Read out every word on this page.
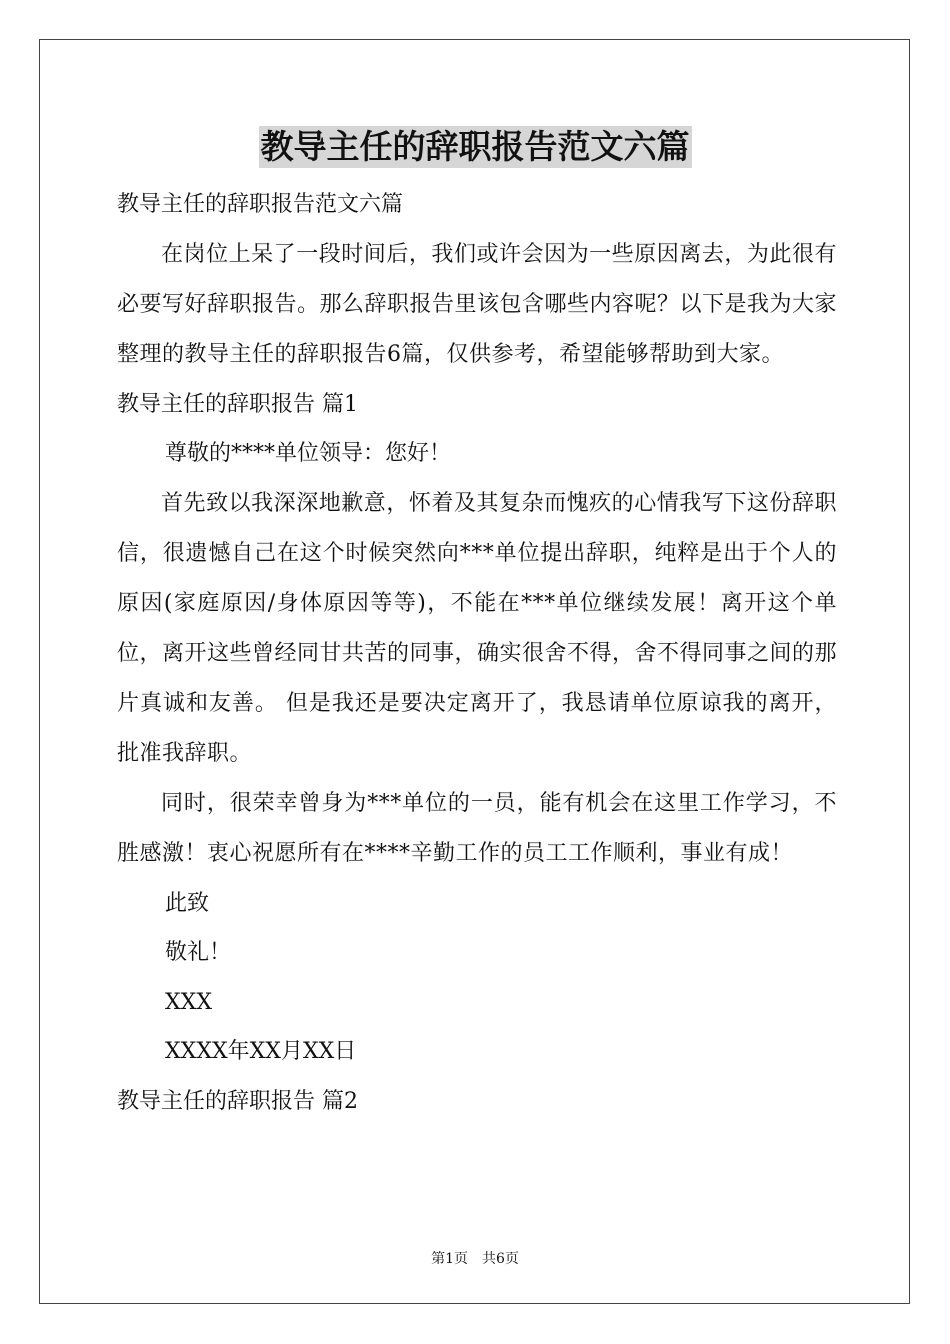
教导主任的辞职报告范文六篇
教导主任的辞职报告范文六篇
在岗位上呆了一段时间后，我们或许会因为一些原因离去，为此很有必要写好辞职报告。那么辞职报告里该包含哪些内容呢？以下是我为大家整理的教导主任的辞职报告6篇，仅供参考，希望能够帮助到大家。
教导主任的辞职报告 篇1
尊敬的****单位领导：您好！
首先致以我深深地歉意，怀着及其复杂而愧疚的心情我写下这份辞职信，很遗憾自己在这个时候突然向***单位提出辞职，纯粹是出于个人的原因(家庭原因/身体原因等等)，不能在***单位继续发展！离开这个单位，离开这些曾经同甘共苦的同事，确实很舍不得，舍不得同事之间的那片真诚和友善。 但是我还是要决定离开了，我恳请单位原谅我的离开，批准我辞职。
同时，很荣幸曾身为***单位的一员，能有机会在这里工作学习，不胜感激！衷心祝愿所有在****辛勤工作的员工工作顺利，事业有成！
此致
敬礼！
XXX
XXXX年XX月XX日
教导主任的辞职报告 篇2
第1页　共6页
